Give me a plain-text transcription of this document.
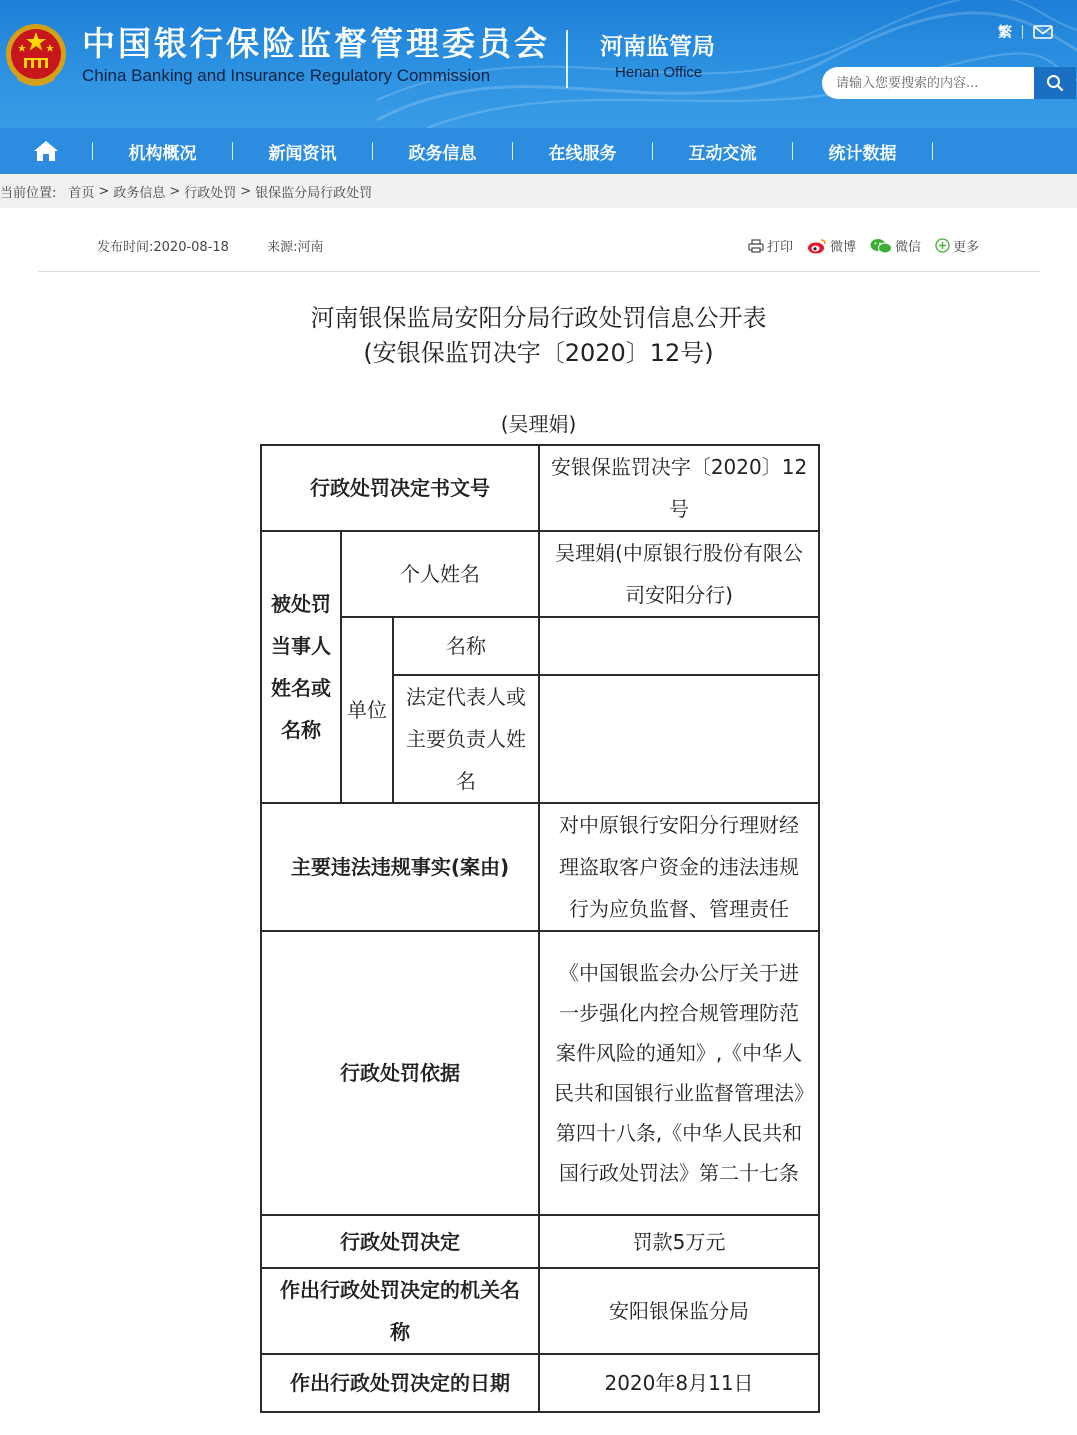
中国银行保险监督管理委员会
China Banking and Insurance Regulatory Commission
河南监管局
Henan Office
繁
请输入您要搜索的内容...
机构概况	新闻资讯	政务信息	在线服务	互动交流	统计数据
当前位置: 首页 > 政务信息 > 行政处罚 > 银保监分局行政处罚
发布时间:2020-08-18	来源:河南	打印	微博	微信 更多
河南银保监局安阳分局行政处罚信息公开表
(安银保监罚决字〔2020〕12号)
(吴理娟)
行政处罚决定书文号			安银保监罚决字〔2020〕12号
被处罚当事人姓名或名称	个人姓名		吴理娟(中原银行股份有限公司安阳分行)
	单位	名称	
		法定代表人或主要负责人姓名	
主要违法违规事实(案由)			对中原银行安阳分行理财经理盗取客户资金的违法违规行为应负监督、管理责任
行政处罚依据			《中国银监会办公厅关于进一步强化内控合规管理防范案件风险的通知》,《中华人民共和国银行业监督管理法》第四十八条,《中华人民共和国行政处罚法》第二十七条
行政处罚决定			罚款5万元
作出行政处罚决定的机关名称			安阳银保监分局
作出行政处罚决定的日期			2020年8月11日
